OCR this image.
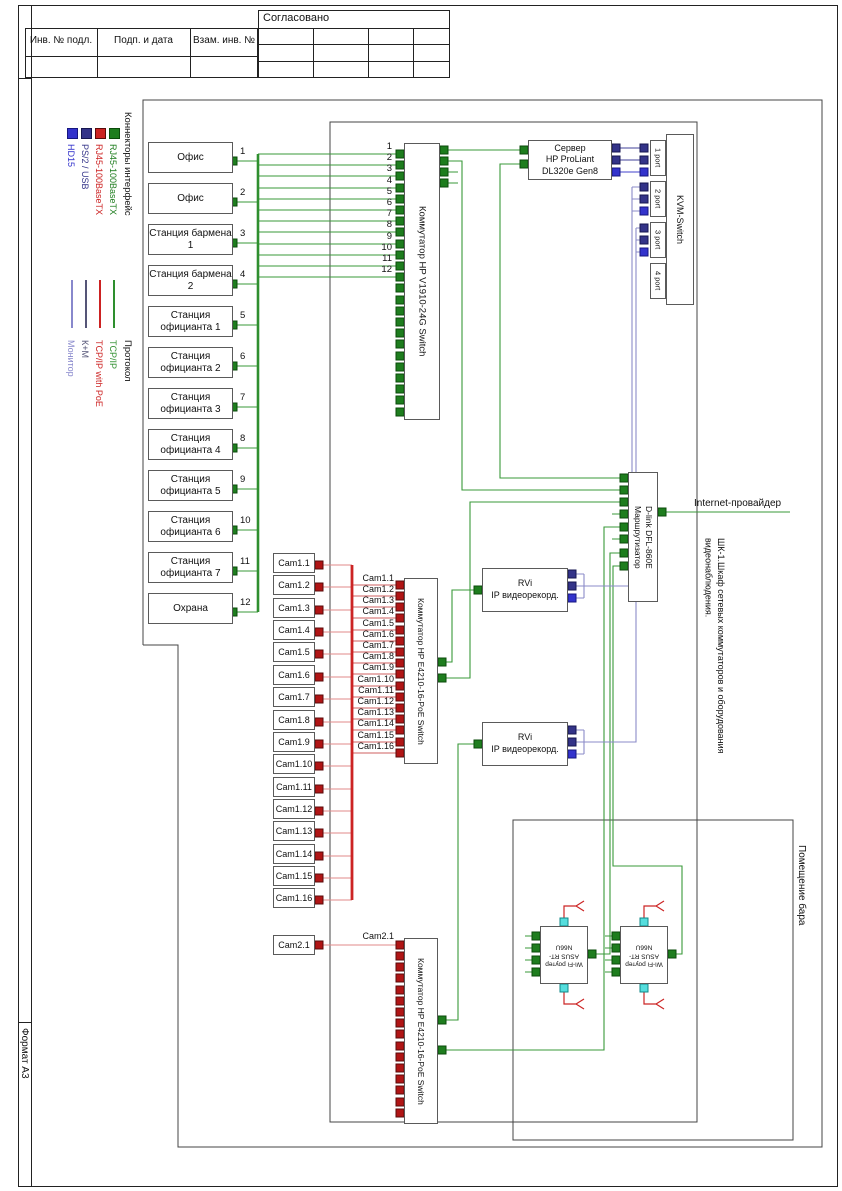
Формат А3
Инв. № подл.	Подп. и дата	Взам. инв. №
Согласовано
Коннекторы интерфейс
RJ45-100BaseTX
RJ45-100BaseTX
PS/2 / USB
HD15
Протокол
TCP/IP
TCP/IP with PoE
К+М
Монитор
Офис
Офис
Станция бармена 1
Станция бармена 2
Станция официанта 1
Станция официанта 2
Станция официанта 3
Станция официанта 4
Станция официанта 5
Станция официанта 6
Станция официанта 7
Охрана
1
2
3
4
5
6
7
8
9
10
11
12
1
2
3
4
5
6
7
8
9
10
11
12	Коммутатор HP V1910-24G Switch
Сервер
HP ProLiant
DL320e Gen8
KVM-Switch
1 port
2 port
3 port
4 port
Маршрутизатор D-link DFL-860E
Internet-провайдер
RVi
IP видеорекорд.
RVi
IP видеорекорд.
Cam1.1
Cam1.2
Cam1.3
Cam1.4
Cam1.5
Cam1.6
Cam1.7
Cam1.8
Cam1.9
Cam1.10
Cam1.11
Cam1.12
Cam1.13
Cam1.14
Cam1.15
Cam1.16
Cam1.1
Cam1.2
Cam1.3
Cam1.4
Cam1.5
Cam1.6
Cam1.7
Cam1.8
Cam1.9
Cam1.10
Cam1.11
Cam1.12
Cam1.13
Cam1.14
Cam1.15
Cam1.16
Коммутатор HP E4210-16-PoE Switch
Коммутатор HP E4210-16-PoE Switch
Cam2.1
Cam2.1
Wi-Fi роутер
ASUS RT-N66U
Wi-Fi роутер
ASUS RT-N66U
ШК-1.Шкаф сетевых коммутаторов и оборудования
видеонаблюдения.
Помещение бара
